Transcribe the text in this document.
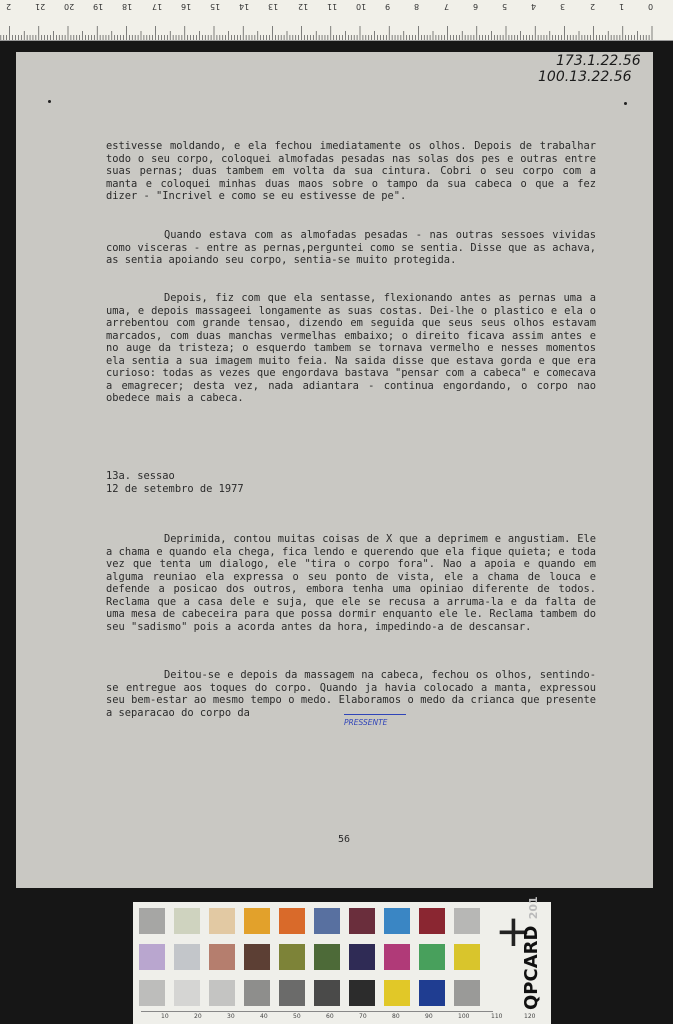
0
1
2
3
4
5
6
7
8
9
10
11
12
13
14
15
16
17
18
19
20
21
2
173.1.22.56
100.13.22.56

estivesse moldando, e ela fechou imediatamente os olhos. Depois de trabalhar todo o seu corpo, coloquei almofadas pesadas nas solas dos pes e outras entre suas pernas; duas tambem em volta da sua cintura. Cobri o seu corpo com a manta e coloquei minhas duas maos sobre o tampo da sua cabeca o que a fez dizer - "Incrivel e como se eu estivesse de pe".

Quando estava com as almofadas pesadas - nas outras sessoes vividas como visceras - entre as pernas,perguntei como se sentia. Disse que as achava, as sentia apoiando seu corpo, sentia-se muito protegida.

Depois, fiz com que ela sentasse, flexionando antes as pernas uma a uma, e depois massageei longamente as suas costas. Dei-lhe o plastico e ela o arrebentou com grande tensao, dizendo em seguida que seus seus olhos estavam marcados, com duas manchas vermelhas embaixo; o direito ficava assim antes e no auge da tristeza; o esquerdo tambem se tornava vermelho e nesses momentos ela sentia a sua imagem muito feia. Na saida disse que estava gorda e que era curioso: todas as vezes que engordava bastava "pensar com a cabeca" e comecava a emagrecer; desta vez, nada adiantara - continua engordando, o corpo nao obedece mais a cabeca.

13a. sessao
12 de setembro de 1977

Deprimida, contou muitas coisas de X que a deprimem e angustiam. Ele a chama e quando ela chega, fica lendo e querendo que ela fique quieta; e toda vez que tenta um dialogo, ele "tira o corpo fora". Nao a apoia e quando em alguma reuniao ela expressa o seu ponto de vista, ele a chama de louca e defende a posicao dos outros, embora tenha uma opiniao diferente de todos. Reclama que a casa dele e suja, que ele se recusa a arruma-la e da falta de uma mesa de cabeceira para que possa dormir enquanto ele le. Reclama tambem do seu "sadismo" pois a acorda antes da hora, impedindo-a de descansar.

Deitou-se e depois da massagem na cabeca, fechou os olhos, sentindo-se entregue aos toques do corpo. Quando ja havia colocado a manta, expressou seu bem-estar ao mesmo tempo o medo. Elaboramos o medo da crianca que presente a separacao do corpo da

PRESSENTE
56
+
QPCARD 201
10	20	30	40	50	60	70	80	90	100	110	120
